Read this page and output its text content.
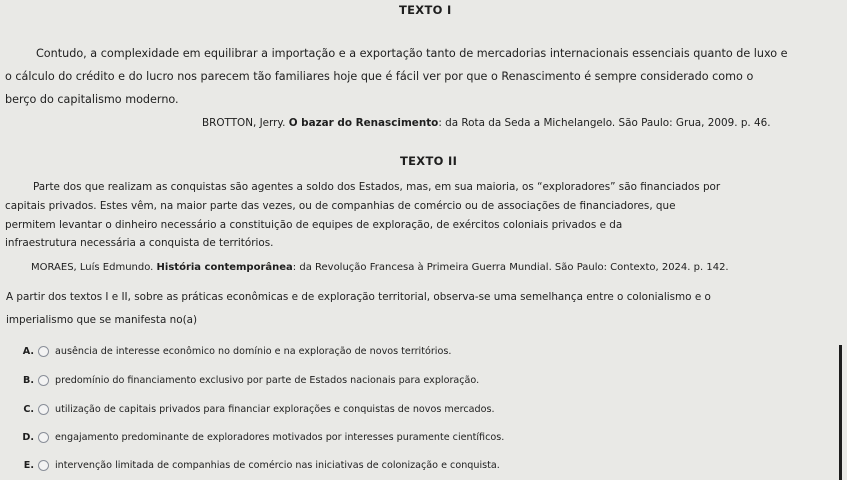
TEXTO I
Contudo, a complexidade em equilibrar a importação e a exportação tanto de mercadorias internacionais essenciais quanto de luxo e
o cálculo do crédito e do lucro nos parecem tão familiares hoje que é fácil ver por que o Renascimento é sempre considerado como o
berço do capitalismo moderno.
BROTTON, Jerry. O bazar do Renascimento: da Rota da Seda a Michelangelo. São Paulo: Grua, 2009. p. 46.
TEXTO II
Parte dos que realizam as conquistas são agentes a soldo dos Estados, mas, em sua maioria, os “exploradores” são financiados por
capitais privados. Estes vêm, na maior parte das vezes, ou de companhias de comércio ou de associações de financiadores, que
permitem levantar o dinheiro necessário a constituição de equipes de exploração, de exércitos coloniais privados e da
infraestrutura necessária a conquista de territórios.
MORAES, Luís Edmundo. História contemporânea: da Revolução Francesa à Primeira Guerra Mundial. São Paulo: Contexto, 2024. p. 142.
A partir dos textos I e II, sobre as práticas econômicas e de exploração territorial, observa-se uma semelhança entre o colonialismo e o
imperialismo que se manifesta no(a)
A. ausência de interesse econômico no domínio e na exploração de novos territórios.
B. predomínio do financiamento exclusivo por parte de Estados nacionais para exploração.
C. utilização de capitais privados para financiar explorações e conquistas de novos mercados.
D. engajamento predominante de exploradores motivados por interesses puramente científicos.
E. intervenção limitada de companhias de comércio nas iniciativas de colonização e conquista.
